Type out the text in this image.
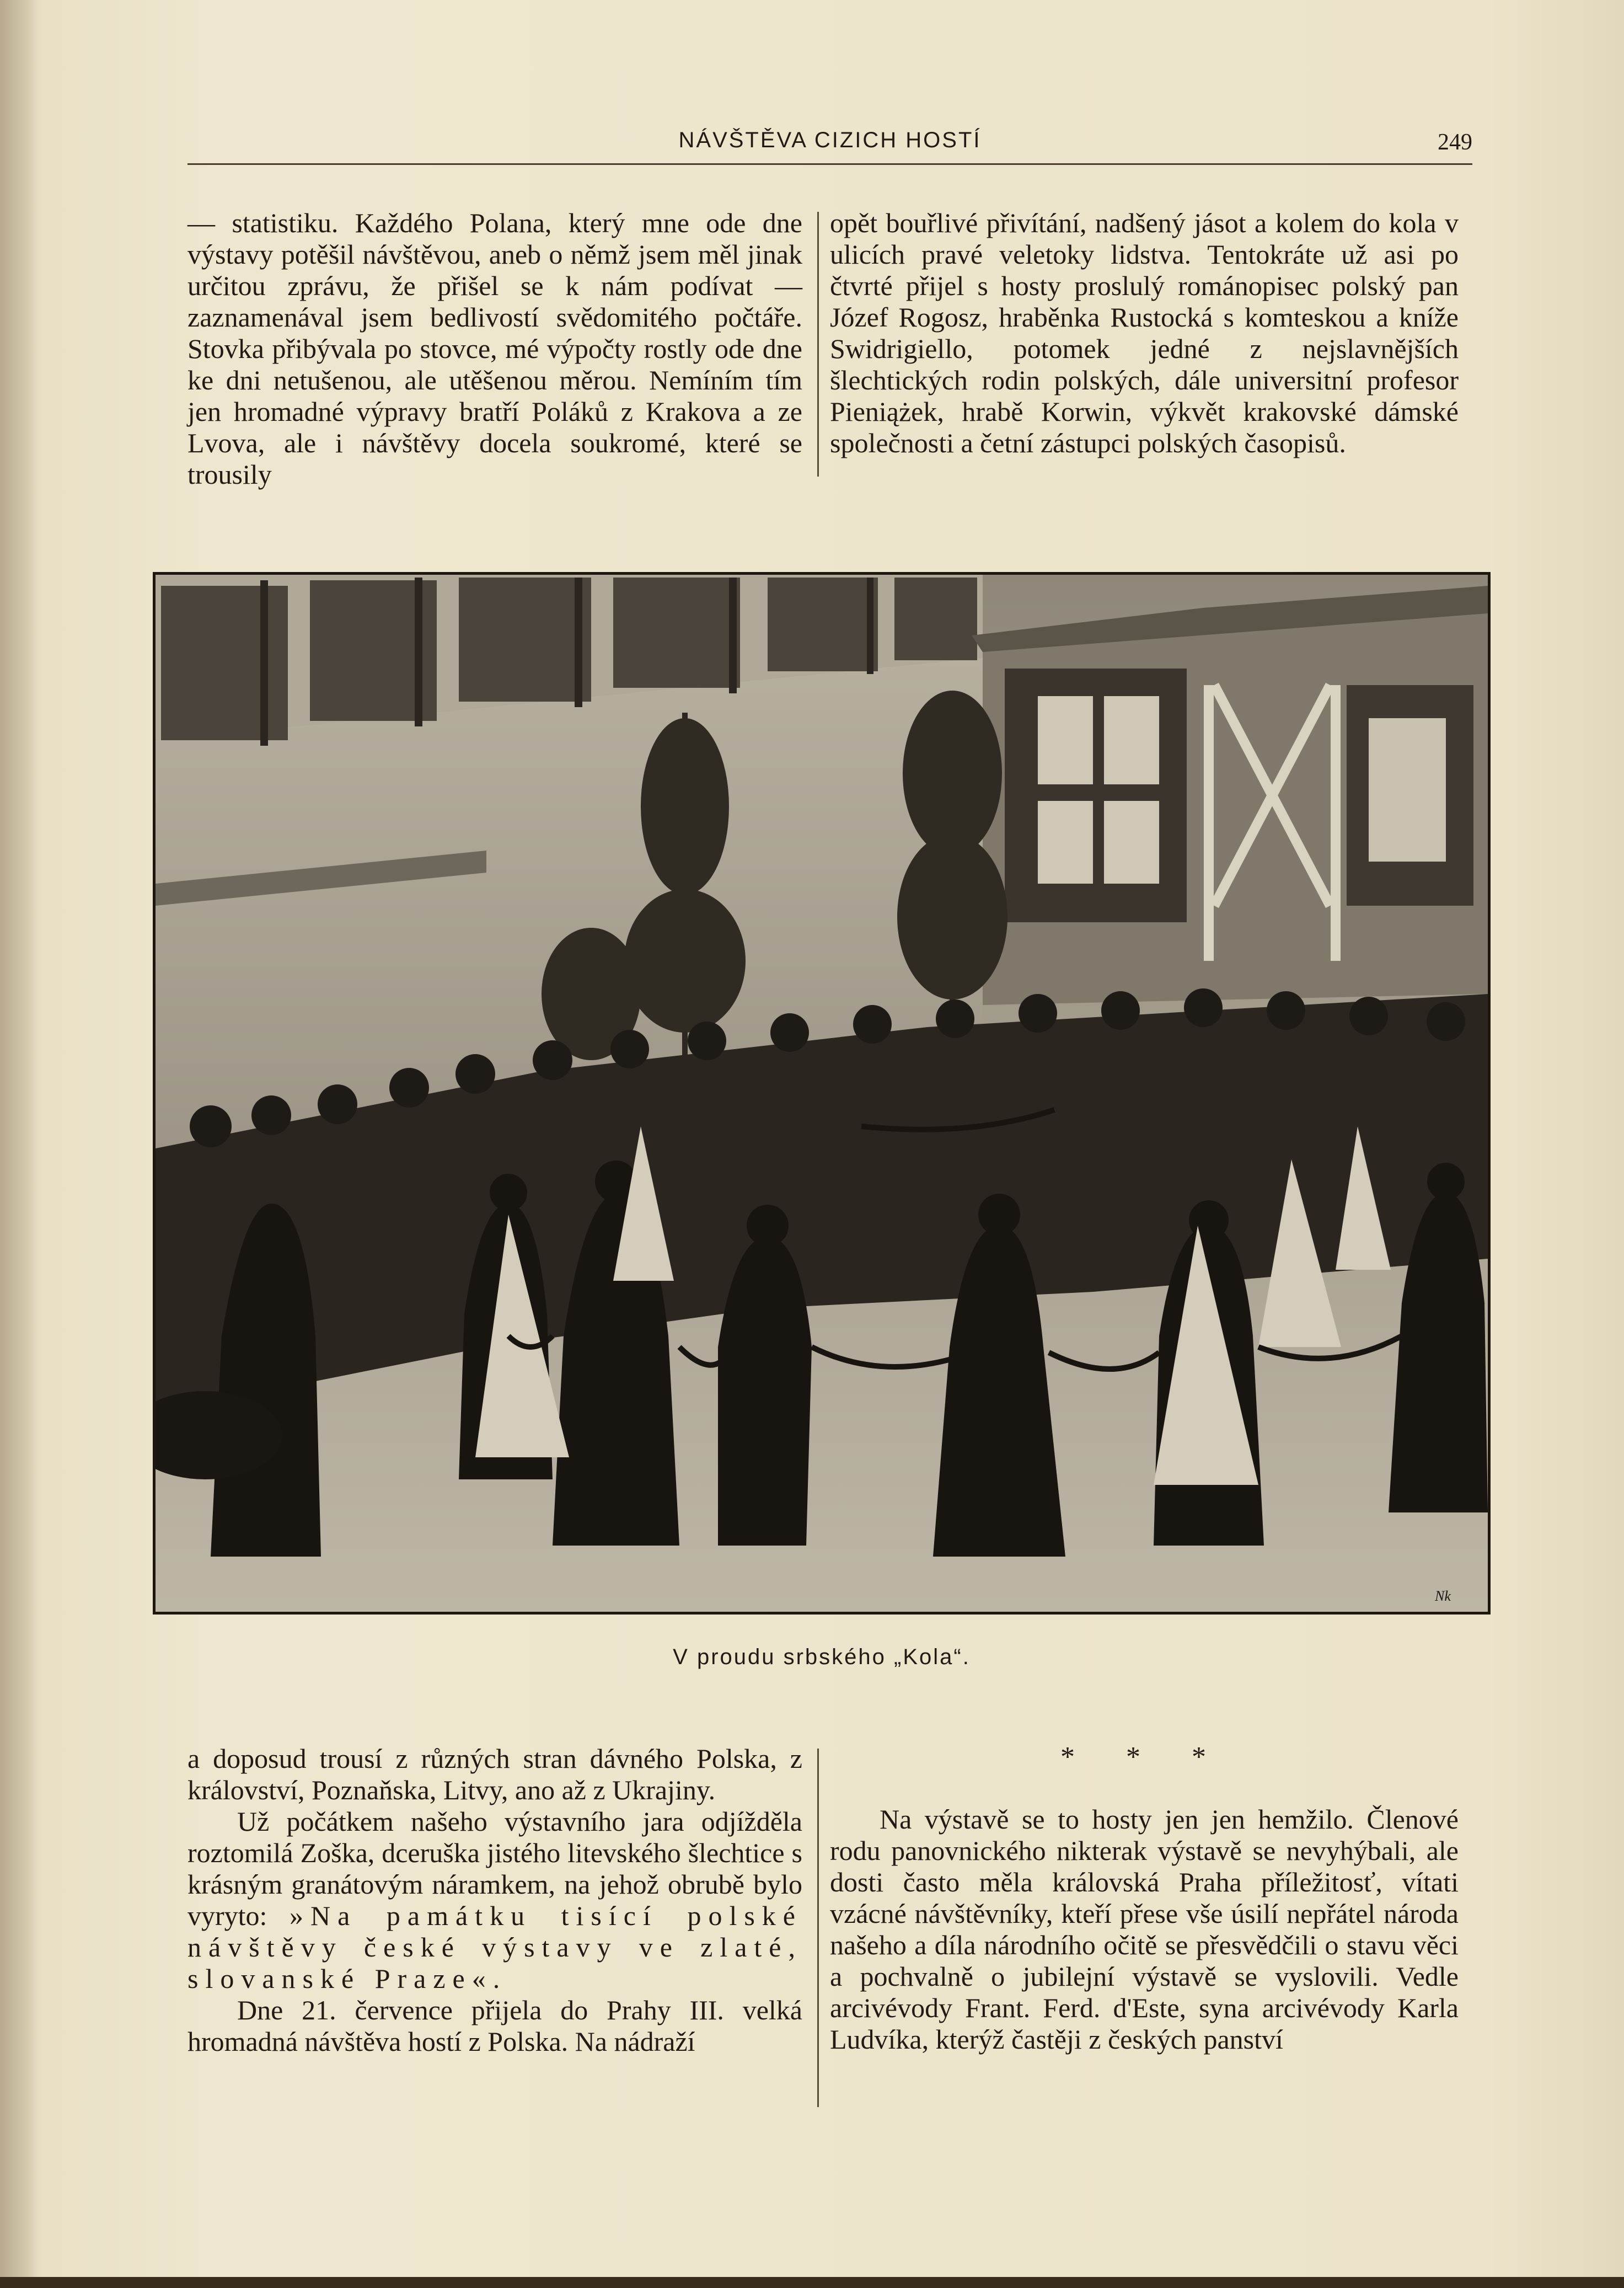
NÁVŠTĚVA CIZICH HOSTÍ	249

— statistiku. Každého Polana, který mne ode dne výstavy potěšil návštěvou, aneb o němž jsem měl jinak určitou zprávu, že přišel se k nám podívat — zaznamenával jsem bedlivostí svědomitého počtáře. Stovka přibývala po stovce, mé výpočty rostly ode dne ke dni netušenou, ale utěšenou měrou. Nemíním tím jen hromadné výpravy bratří Poláků z Krakova a ze Lvova, ale i návštěvy docela soukromé, které se trousily

opět bouřlivé přivítání, nadšený jásot a kolem do kola v ulicích pravé veletoky lidstva. Tentokráte už asi po čtvrté přijel s hosty proslulý románopisec polský pan Józef Rogosz, hraběnka Rustocká s komteskou a kníže Swidrigiello, potomek jedné z nejslavnějších šlechtických rodin polských, dále universitní profesor Pieniążek, hrabě Korwin, výkvět krakovské dámské společnosti a četní zástupci polských časopisů.

Nk
V proudu srbského „Kola“.

a doposud trousí z různých stran dávného Polska, z království, Poznaňska, Litvy, ano až z Ukrajiny.

Už počátkem našeho výstavního jara odjížděla roztomilá Zoška, dceruška jistého litevského šlechtice s krásným granátovým náramkem, na jehož obrubě bylo vyryto: »Na památku tisící polské návštěvy české výstavy ve zlaté, slovanské Praze«.

Dne 21. července přijela do Prahy III. velká hromadná návštěva hostí z Polska. Na nádraží

Na výstavě se to hosty jen jen hemžilo. Členové rodu panovnického nikterak výstavě se nevyhýbali, ale dosti často měla královská Praha příležitosť, vítati vzácné návštěvníky, kteří přese vše úsilí nepřátel národa našeho a díla národního očitě se přesvědčili o stavu věci a pochvalně o jubilejní výstavě se vyslovili. Vedle arcivévody Frant. Ferd. d'Este, syna arcivévody Karla Ludvíka, kterýž častěji z českých panství

* * *
